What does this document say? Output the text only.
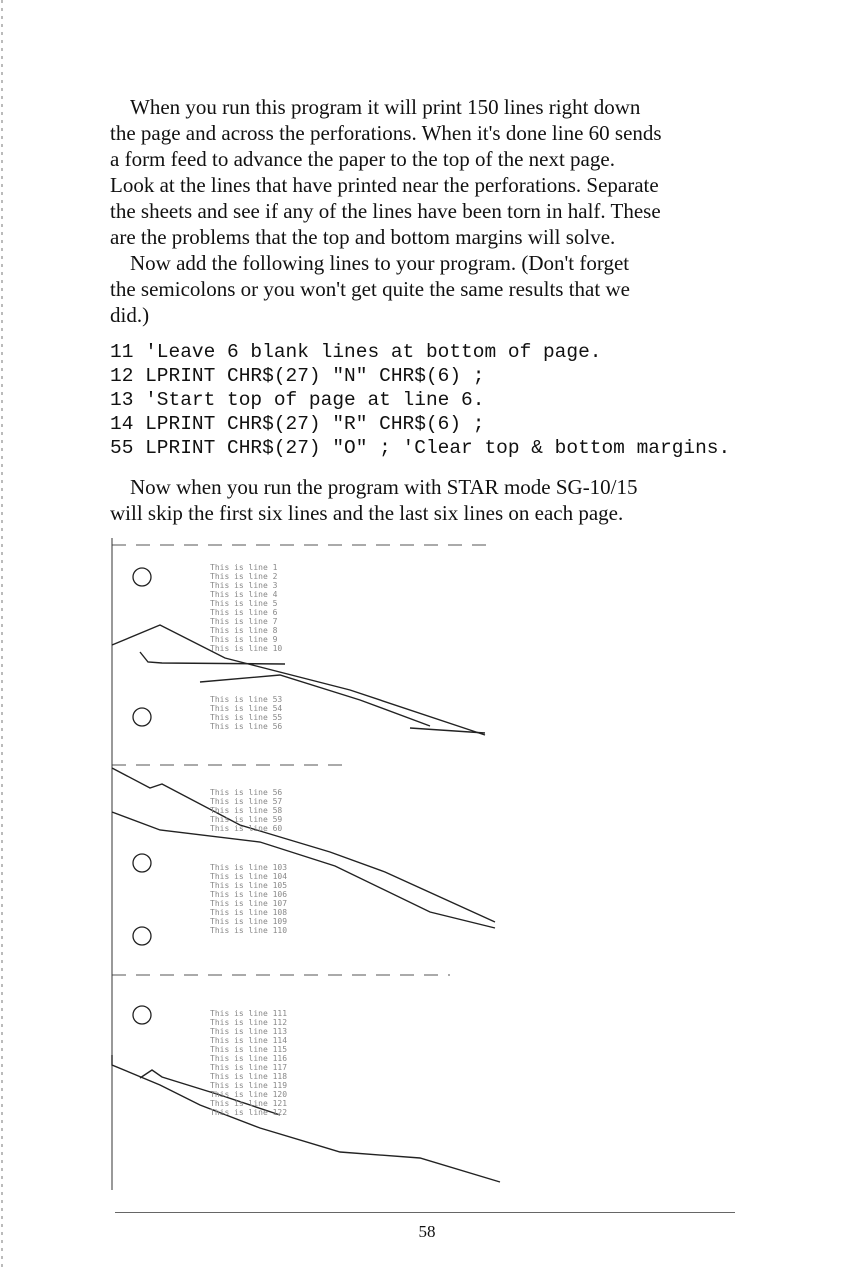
When you run this program it will print 150 lines right down
the page and across the perforations. When it's done line 60 sends
a form feed to advance the paper to the top of the next page.
Look at the lines that have printed near the perforations. Separate
the sheets and see if any of the lines have been torn in half. These
are the problems that the top and bottom margins will solve.

Now add the following lines to your program. (Don't forget
the semicolons or you won't get quite the same results that we
did.)

11 'Leave 6 blank lines at bottom of page.
12 LPRINT CHR$(27) "N" CHR$(6) ;
13 'Start top of page at line 6.
14 LPRINT CHR$(27) "R" CHR$(6) ;
55 LPRINT CHR$(27) "O" ; 'Clear top & bottom margins.

Now when you run the program with STAR mode SG-10/15
will skip the first six lines and the last six lines on each page.

This is line 1
This is line 2
This is line 3
This is line 4
This is line 5
This is line 6
This is line 7
This is line 8
This is line 9
This is line 10
This is line 53
This is line 54
This is line 55
This is line 56
This is line 56
This is line 57
This is line 58
This is line 59
This is line 60
This is line 103
This is line 104
This is line 105
This is line 106
This is line 107
This is line 108
This is line 109
This is line 110
This is line 111
This is line 112
This is line 113
This is line 114
This is line 115
This is line 116
This is line 117
This is line 118
This is line 119
This is line 120
This is line 121
This is line 122
58
